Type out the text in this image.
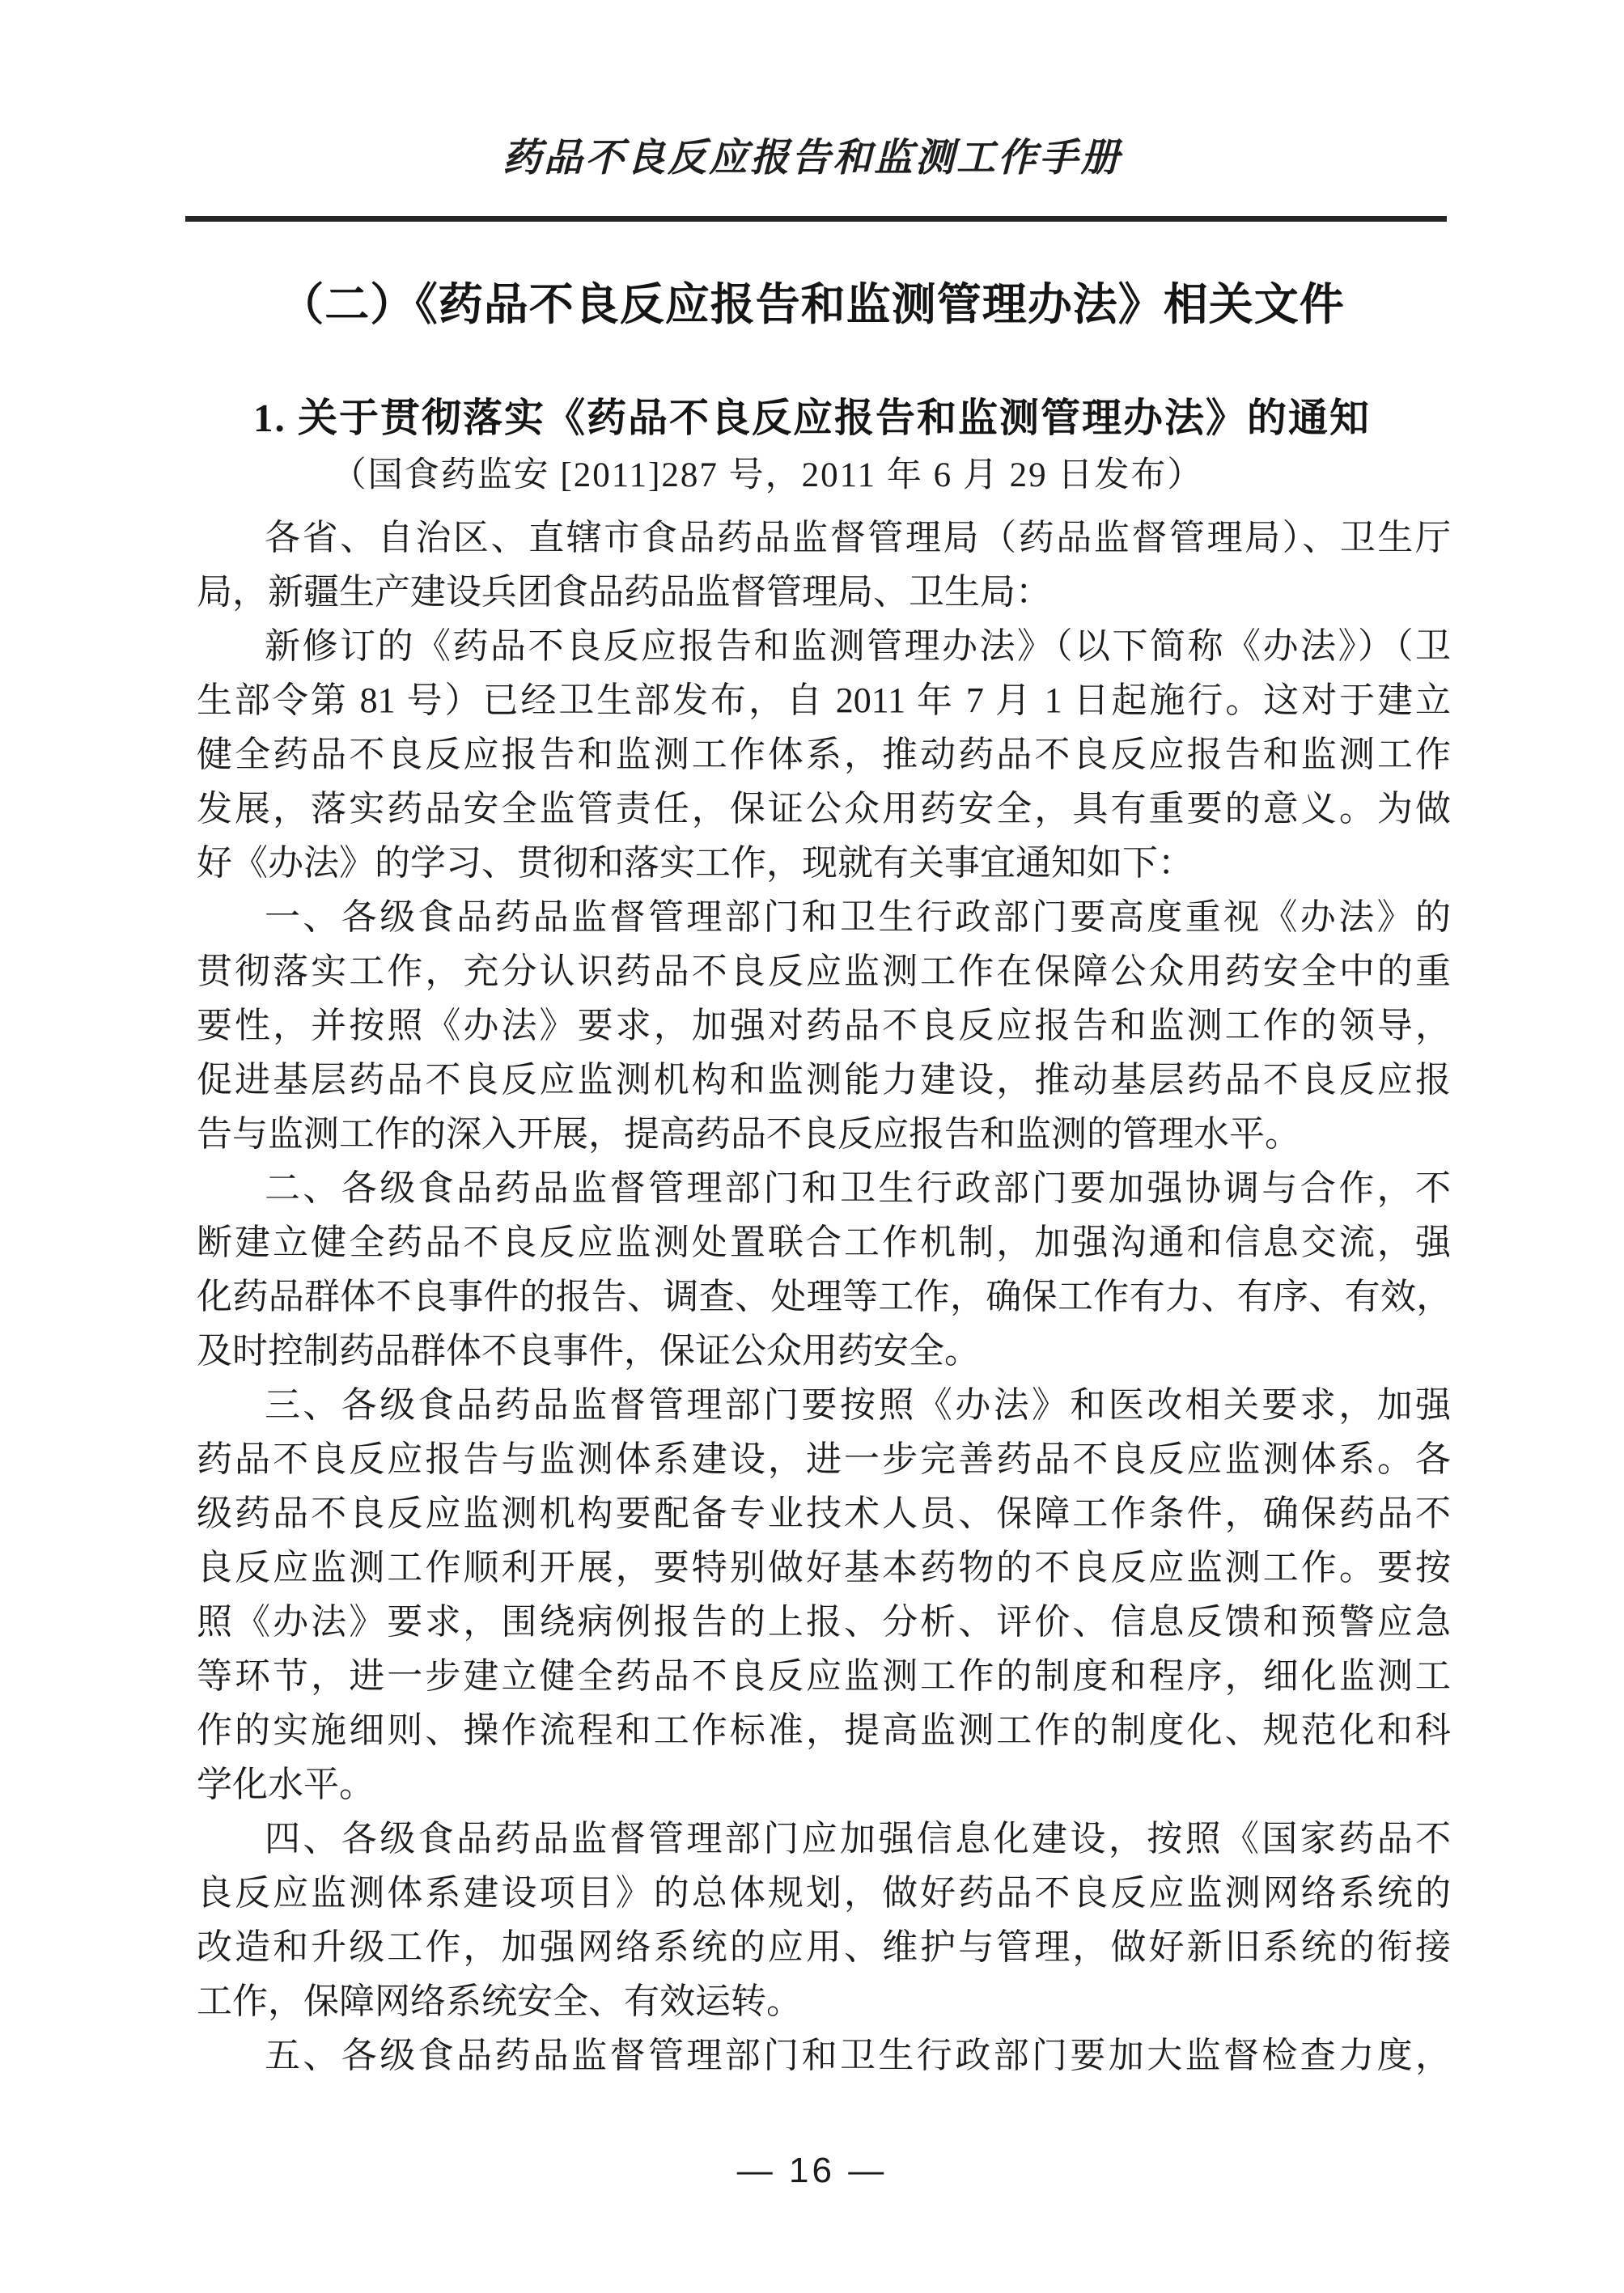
药品不良反应报告和监测工作手册
（二）《药品不良反应报告和监测管理办法》相关文件
1. 关于贯彻落实《药品不良反应报告和监测管理办法》的通知
（国食药监安 [2011]287 号，2011 年 6 月 29 日发布）
各省、自治区、直辖市食品药品监督管理局（药品监督管理局）、卫生厅
局，新疆生产建设兵团食品药品监督管理局、卫生局：
新修订的《药品不良反应报告和监测管理办法》（以下简称《办法》）（卫
生部令第 81 号）已经卫生部发布，自 2011 年 7 月 1 日起施行。这对于建立
健全药品不良反应报告和监测工作体系，推动药品不良反应报告和监测工作
发展，落实药品安全监管责任，保证公众用药安全，具有重要的意义。为做
好《办法》的学习、贯彻和落实工作，现就有关事宜通知如下：
一、各级食品药品监督管理部门和卫生行政部门要高度重视《办法》的
贯彻落实工作，充分认识药品不良反应监测工作在保障公众用药安全中的重
要性，并按照《办法》要求，加强对药品不良反应报告和监测工作的领导，
促进基层药品不良反应监测机构和监测能力建设，推动基层药品不良反应报
告与监测工作的深入开展，提高药品不良反应报告和监测的管理水平。
二、各级食品药品监督管理部门和卫生行政部门要加强协调与合作，不
断建立健全药品不良反应监测处置联合工作机制，加强沟通和信息交流，强
化药品群体不良事件的报告、调查、处理等工作，确保工作有力、有序、有效，
及时控制药品群体不良事件，保证公众用药安全。
三、各级食品药品监督管理部门要按照《办法》和医改相关要求，加强
药品不良反应报告与监测体系建设，进一步完善药品不良反应监测体系。各
级药品不良反应监测机构要配备专业技术人员、保障工作条件，确保药品不
良反应监测工作顺利开展，要特别做好基本药物的不良反应监测工作。要按
照《办法》要求，围绕病例报告的上报、分析、评价、信息反馈和预警应急
等环节，进一步建立健全药品不良反应监测工作的制度和程序，细化监测工
作的实施细则、操作流程和工作标准，提高监测工作的制度化、规范化和科
学化水平。
四、各级食品药品监督管理部门应加强信息化建设，按照《国家药品不
良反应监测体系建设项目》的总体规划，做好药品不良反应监测网络系统的
改造和升级工作，加强网络系统的应用、维护与管理，做好新旧系统的衔接
工作，保障网络系统安全、有效运转。
五、各级食品药品监督管理部门和卫生行政部门要加大监督检查力度，
— 16 —
